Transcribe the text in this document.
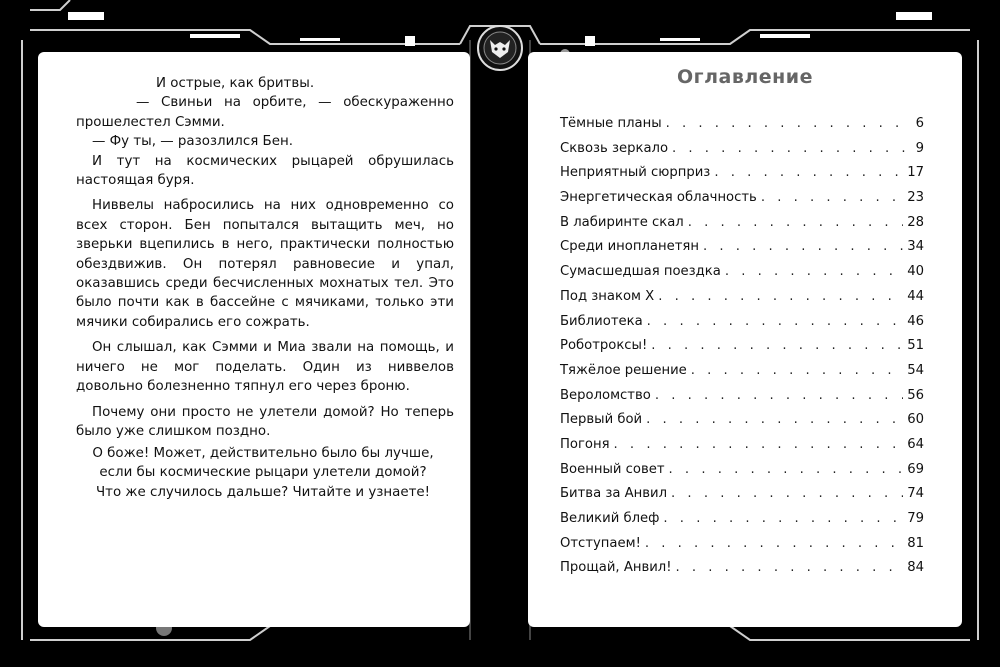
И острые, как бритвы.

— Свиньи на орбите, — обескураженно прошелестел Сэмми.

— Фу ты, — разозлился Бен.

И тут на космических рыцарей обрушилась настоящая буря.

Ниввелы набросились на них одновременно со всех сторон. Бен попытался вытащить меч, но зверьки вцепились в него, практически полностью обездвижив. Он потерял равновесие и упал, оказавшись среди бесчисленных мохнатых тел. Это было почти как в бассейне с мячиками, только эти мячики собирались его сожрать.

Он слышал, как Сэмми и Миа звали на помощь, и ничего не мог поделать. Один из ниввелов довольно болезненно тяпнул его через броню.

Почему они просто не улетели домой? Но теперь было уже слишком поздно.

О боже! Может, действительно было бы лучше,
если бы космические рыцари улетели домой?
Что же случилось дальше? Читайте и узнаете!
Оглавление
Тёмные планы . . .	6
Сквозь зеркало . . .	9
Неприятный сюрприз . . .	17
Энергетическая облачность . . .	23
В лабиринте скал . . .	28
Среди инопланетян . . .	34
Сумасшедшая поездка . . .	40
Под знаком Х . . .	44
Библиотека . . .	46
Роботроксы! . . .	51
Тяжёлое решение . . .	54
Вероломство . . .	56
Первый бой . . .	60
Погоня . . .	64
Военный совет . . .	69
Битва за Анвил . . .	74
Великий блеф . . .	79
Отступаем! . . .	81
Прощай, Анвил! . . .	84
